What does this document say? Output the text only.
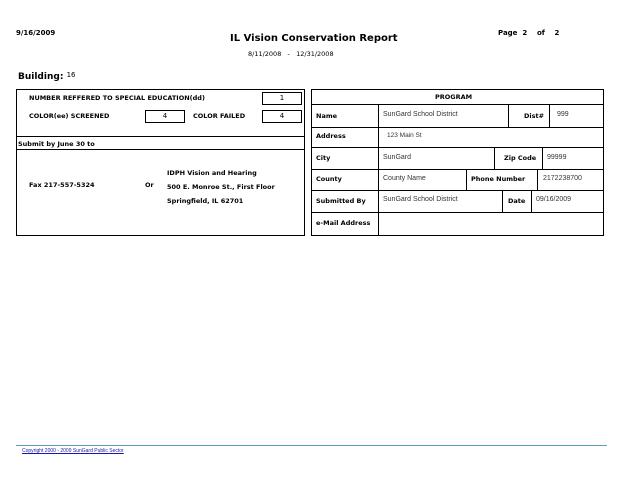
9/16/2009	IL Vision Conservation Report	Page 2 of 2
8/11/2008 - 12/31/2008
Building: $^{16}$
NUMBER REFFERED TO SPECIAL EDUCATION(dd)	1
COLOR(ee) SCREENED	4	COLOR FAILED	4
Submit by June 30 to
Fax 217-557-5324	Or
IDPH Vision and Hearing
500 E. Monroe St., First Floor
Springfield, IL 62701
PROGRAM
Name	SunGard School District	Dist# 999
Address	123 Main St
City	SunGard	Zip Code 99999
County	County Name	Phone Number	2172238700
Submitted By SunGard School District	Date 09/16/2009
e-Mail Address
Copyright 2000 - 2009 SunGard Public Sector
